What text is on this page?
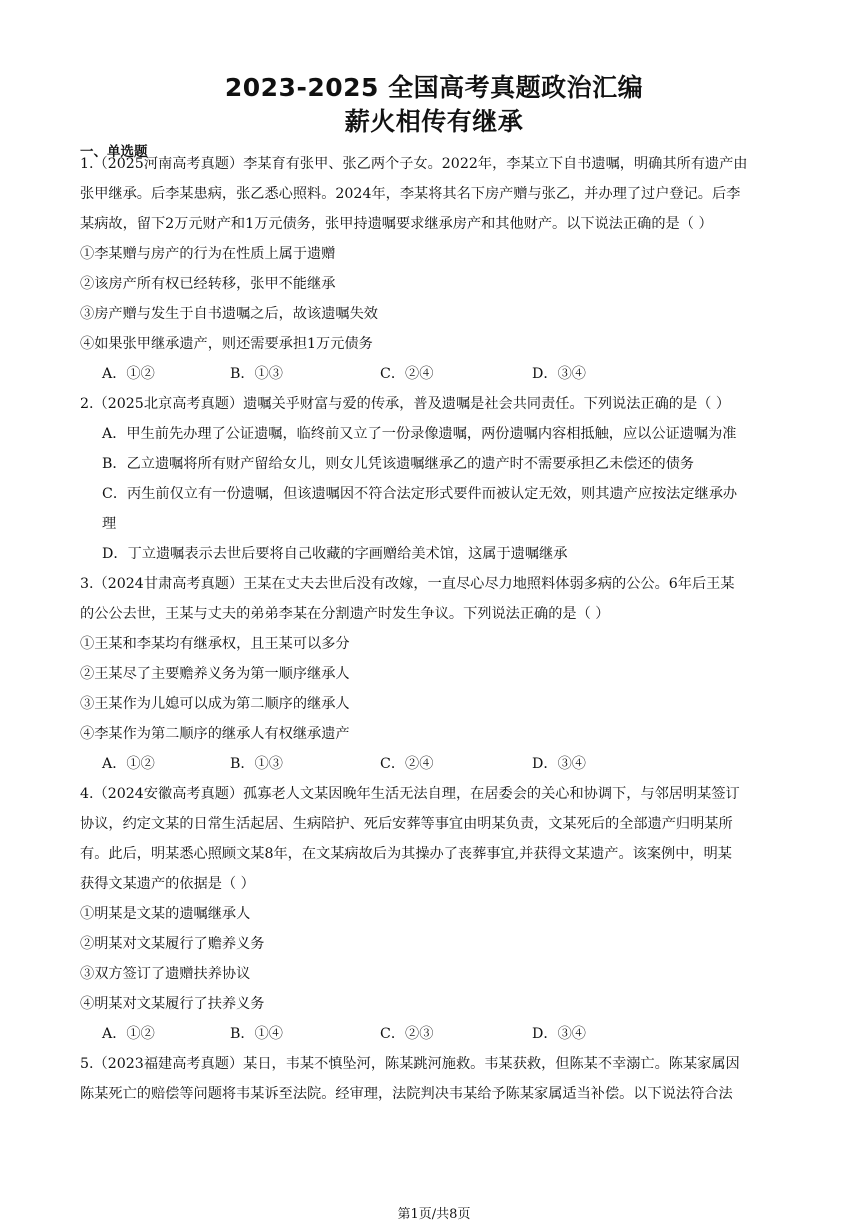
2023-2025 全国高考真题政治汇编
薪火相传有继承
一、单选题
1.（2025河南高考真题）李某育有张甲、张乙两个子女。2022年，李某立下自书遗嘱，明确其所有遗产由
张甲继承。后李某患病，张乙悉心照料。2024年，李某将其名下房产赠与张乙，并办理了过户登记。后李
某病故，留下2万元财产和1万元债务，张甲持遗嘱要求继承房产和其他财产。以下说法正确的是（ ）
①李某赠与房产的行为在性质上属于遗赠
②该房产所有权已经转移，张甲不能继承
③房产赠与发生于自书遗嘱之后，故该遗嘱失效
④如果张甲继承遗产，则还需要承担1万元债务
A．①②	B．①③	C．②④	D．③④
2.（2025北京高考真题）遗嘱关乎财富与爱的传承，普及遗嘱是社会共同责任。下列说法正确的是（ ）
A．甲生前先办理了公证遗嘱，临终前又立了一份录像遗嘱，两份遗嘱内容相抵触，应以公证遗嘱为准
B．乙立遗嘱将所有财产留给女儿，则女儿凭该遗嘱继承乙的遗产时不需要承担乙未偿还的债务
C．丙生前仅立有一份遗嘱，但该遗嘱因不符合法定形式要件而被认定无效，则其遗产应按法定继承办
理
D．丁立遗嘱表示去世后要将自己收藏的字画赠给美术馆，这属于遗嘱继承
3.（2024甘肃高考真题）王某在丈夫去世后没有改嫁，一直尽心尽力地照料体弱多病的公公。6年后王某
的公公去世，王某与丈夫的弟弟李某在分割遗产时发生争议。下列说法正确的是（ ）
①王某和李某均有继承权，且王某可以多分
②王某尽了主要赡养义务为第一顺序继承人
③王某作为儿媳可以成为第二顺序的继承人
④李某作为第二顺序的继承人有权继承遗产
A．①②	B．①③	C．②④	D．③④
4.（2024安徽高考真题）孤寡老人文某因晚年生活无法自理，在居委会的关心和协调下，与邻居明某签订
协议，约定文某的日常生活起居、生病陪护、死后安葬等事宜由明某负责，文某死后的全部遗产归明某所
有。此后，明某悉心照顾文某8年，在文某病故后为其操办了丧葬事宜,并获得文某遗产。该案例中，明某
获得文某遗产的依据是（ ）
①明某是文某的遗嘱继承人
②明某对文某履行了赡养义务
③双方签订了遗赠扶养协议
④明某对文某履行了扶养义务
A．①②	B．①④	C．②③	D．③④
5.（2023福建高考真题）某日，韦某不慎坠河，陈某跳河施救。韦某获救，但陈某不幸溺亡。陈某家属因
陈某死亡的赔偿等问题将韦某诉至法院。经审理，法院判决韦某给予陈某家属适当补偿。以下说法符合法
第1页/共8页
